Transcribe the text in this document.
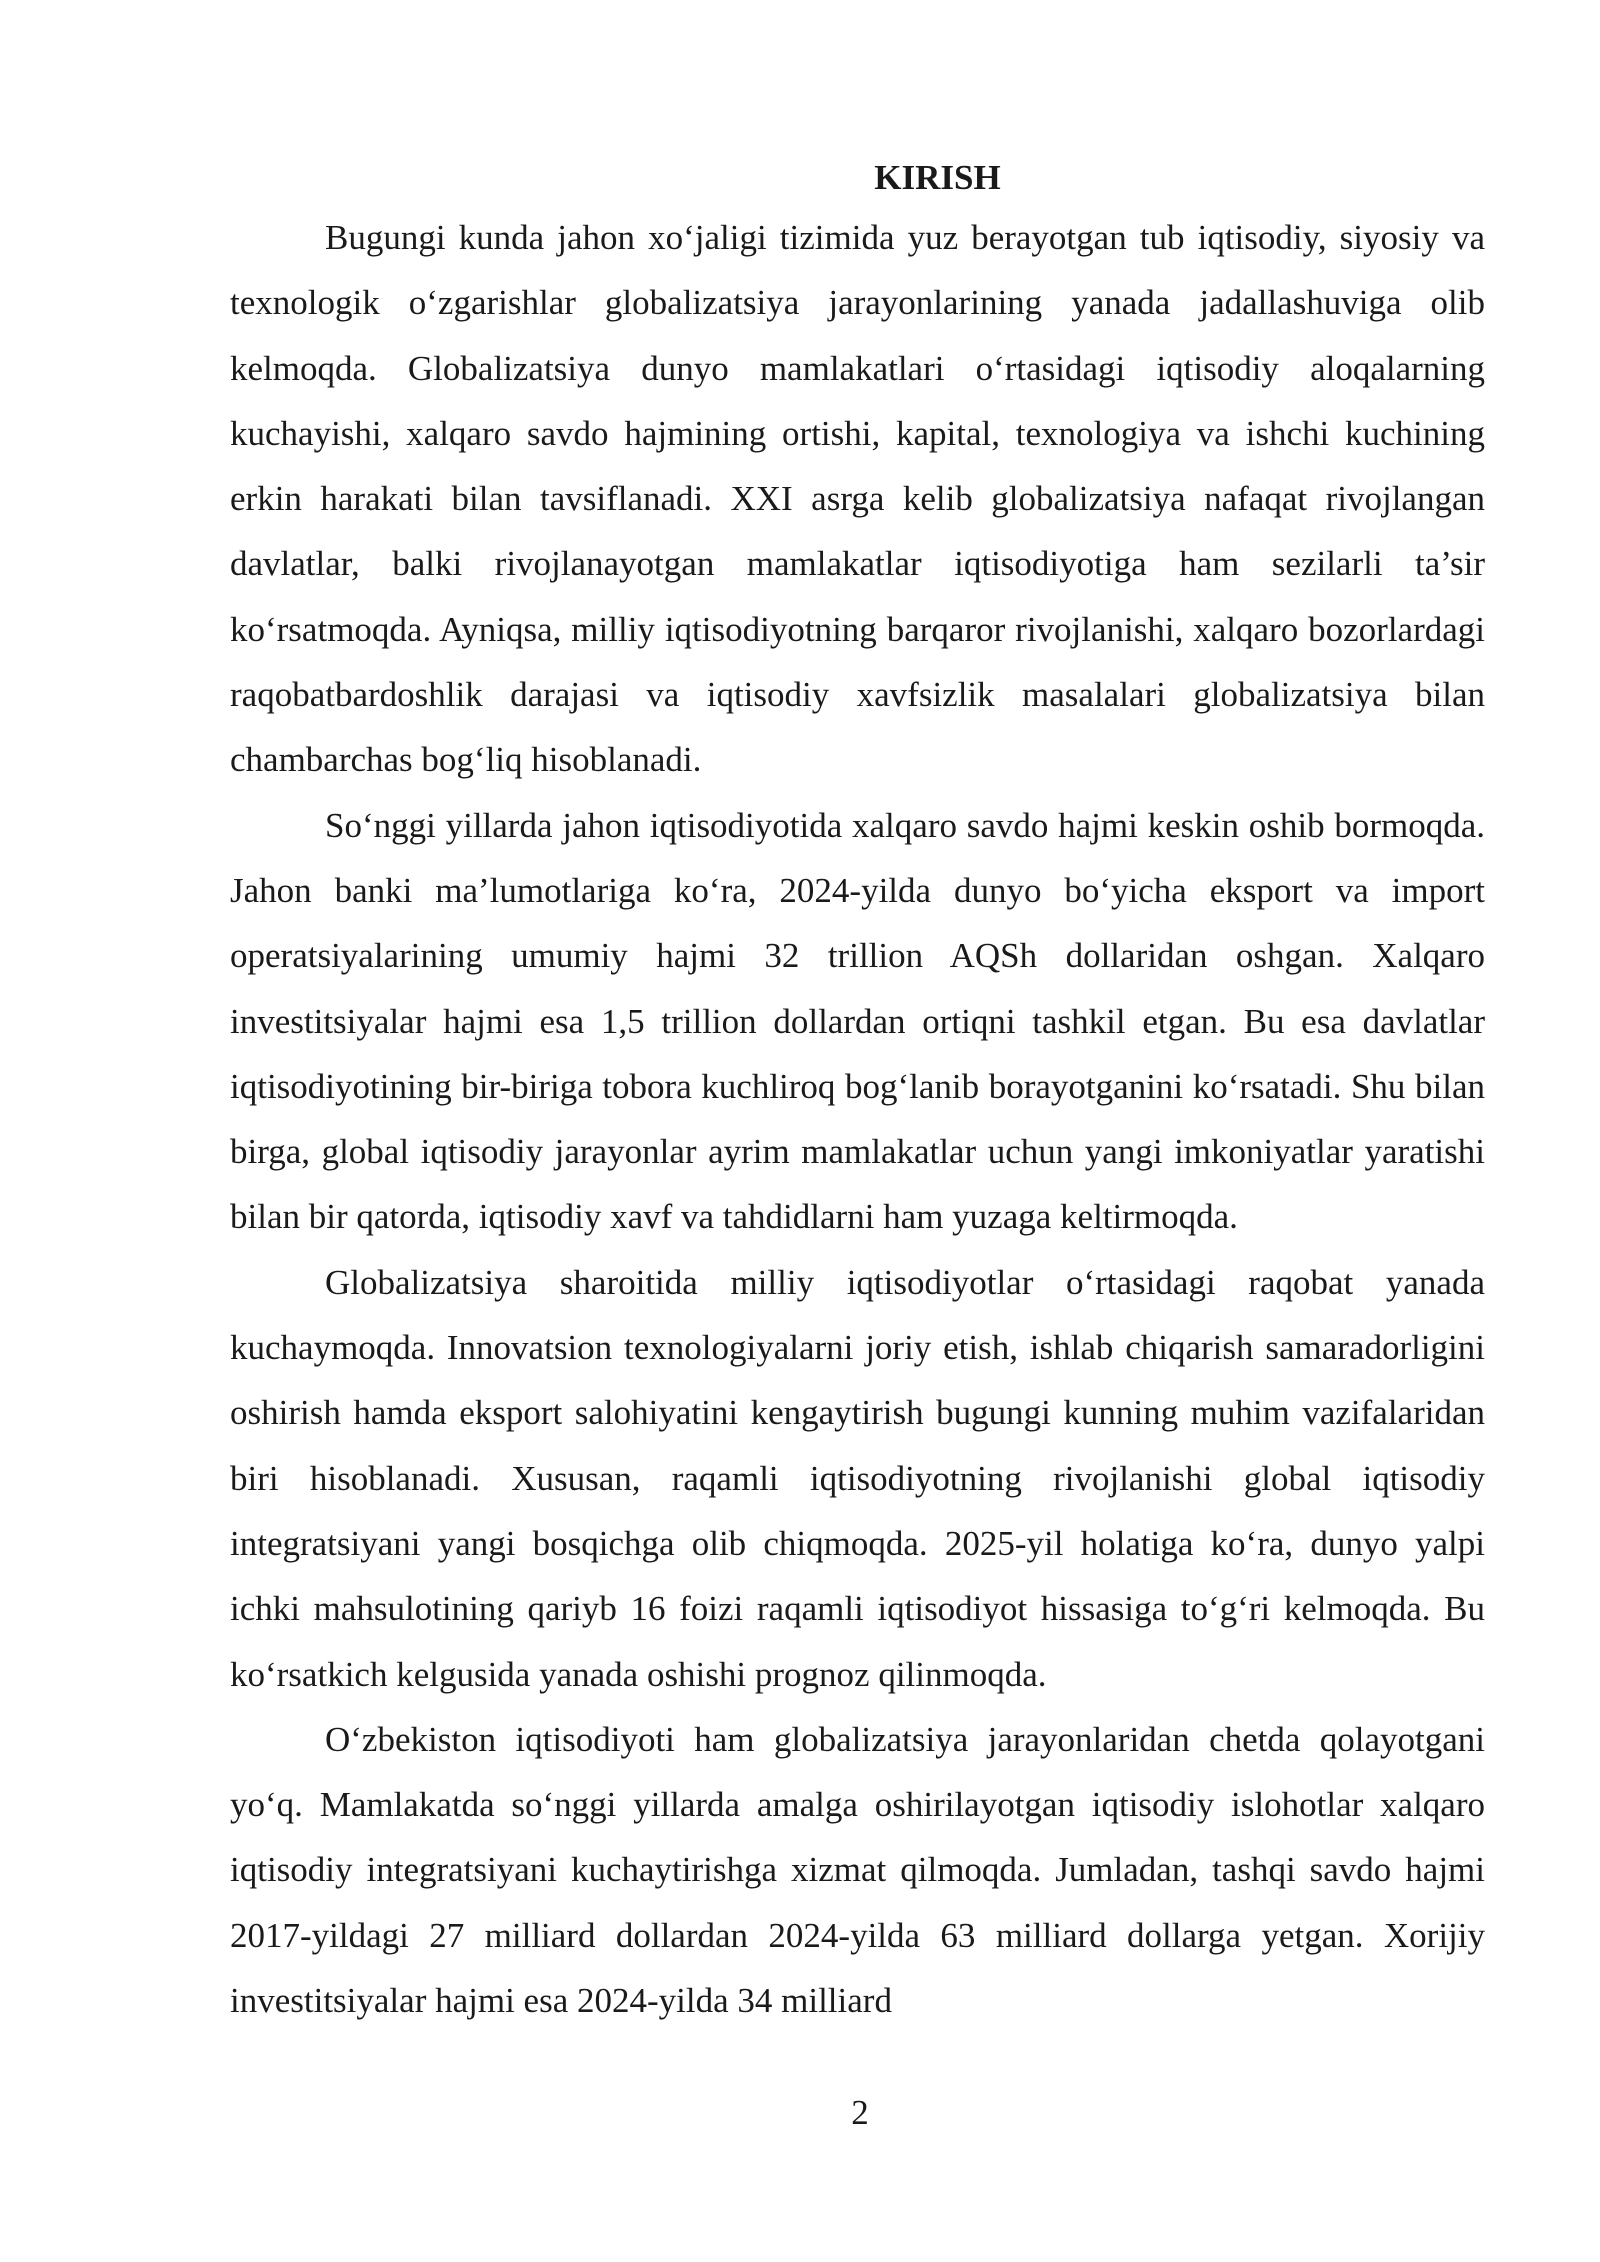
KIRISH

Bugungi kunda jahon xo‘jaligi tizimida yuz berayotgan tub iqtisodiy, siyosiy va texnologik o‘zgarishlar globalizatsiya jarayonlarining yanada jadallashuviga olib kelmoqda. Globalizatsiya dunyo mamlakatlari o‘rtasidagi iqtisodiy aloqalarning kuchayishi, xalqaro savdo hajmining ortishi, kapital, texnologiya va ishchi kuchining erkin harakati bilan tavsiflanadi. XXI asrga kelib globalizatsiya nafaqat rivojlangan davlatlar, balki rivojlanayotgan mamlakatlar iqtisodiyotiga ham sezilarli ta’sir ko‘rsatmoqda. Ayniqsa, milliy iqtisodiyotning barqaror rivojlanishi, xalqaro bozorlardagi raqobatbardoshlik darajasi va iqtisodiy xavfsizlik masalalari globalizatsiya bilan chambarchas bog‘liq hisoblanadi.

So‘nggi yillarda jahon iqtisodiyotida xalqaro savdo hajmi keskin oshib bormoqda. Jahon banki ma’lumotlariga ko‘ra, 2024-yilda dunyo bo‘yicha eksport va import operatsiyalarining umumiy hajmi 32 trillion AQSh dollaridan oshgan. Xalqaro investitsiyalar hajmi esa 1,5 trillion dollardan ortiqni tashkil etgan. Bu esa davlatlar iqtisodiyotining bir-biriga tobora kuchliroq bog‘lanib borayotganini ko‘rsatadi. Shu bilan birga, global iqtisodiy jarayonlar ayrim mamlakatlar uchun yangi imkoniyatlar yaratishi bilan bir qatorda, iqtisodiy xavf va tahdidlarni ham yuzaga keltirmoqda.

Globalizatsiya sharoitida milliy iqtisodiyotlar o‘rtasidagi raqobat yanada kuchaymoqda. Innovatsion texnologiyalarni joriy etish, ishlab chiqarish samaradorligini oshirish hamda eksport salohiyatini kengaytirish bugungi kunning muhim vazifalaridan biri hisoblanadi. Xususan, raqamli iqtisodiyotning rivojlanishi global iqtisodiy integratsiyani yangi bosqichga olib chiqmoqda. 2025-yil holatiga ko‘ra, dunyo yalpi ichki mahsulotining qariyb 16 foizi raqamli iqtisodiyot hissasiga to‘g‘ri kelmoqda. Bu ko‘rsatkich kelgusida yanada oshishi prognoz qilinmoqda.

O‘zbekiston iqtisodiyoti ham globalizatsiya jarayonlaridan chetda qolayotgani yo‘q. Mamlakatda so‘nggi yillarda amalga oshirilayotgan iqtisodiy islohotlar xalqaro iqtisodiy integratsiyani kuchaytirishga xizmat qilmoqda. Jumladan, tashqi savdo hajmi 2017-yildagi 27 milliard dollardan 2024-yilda 63 milliard dollarga yetgan. Xorijiy investitsiyalar hajmi esa 2024-yilda 34 milliard

2
